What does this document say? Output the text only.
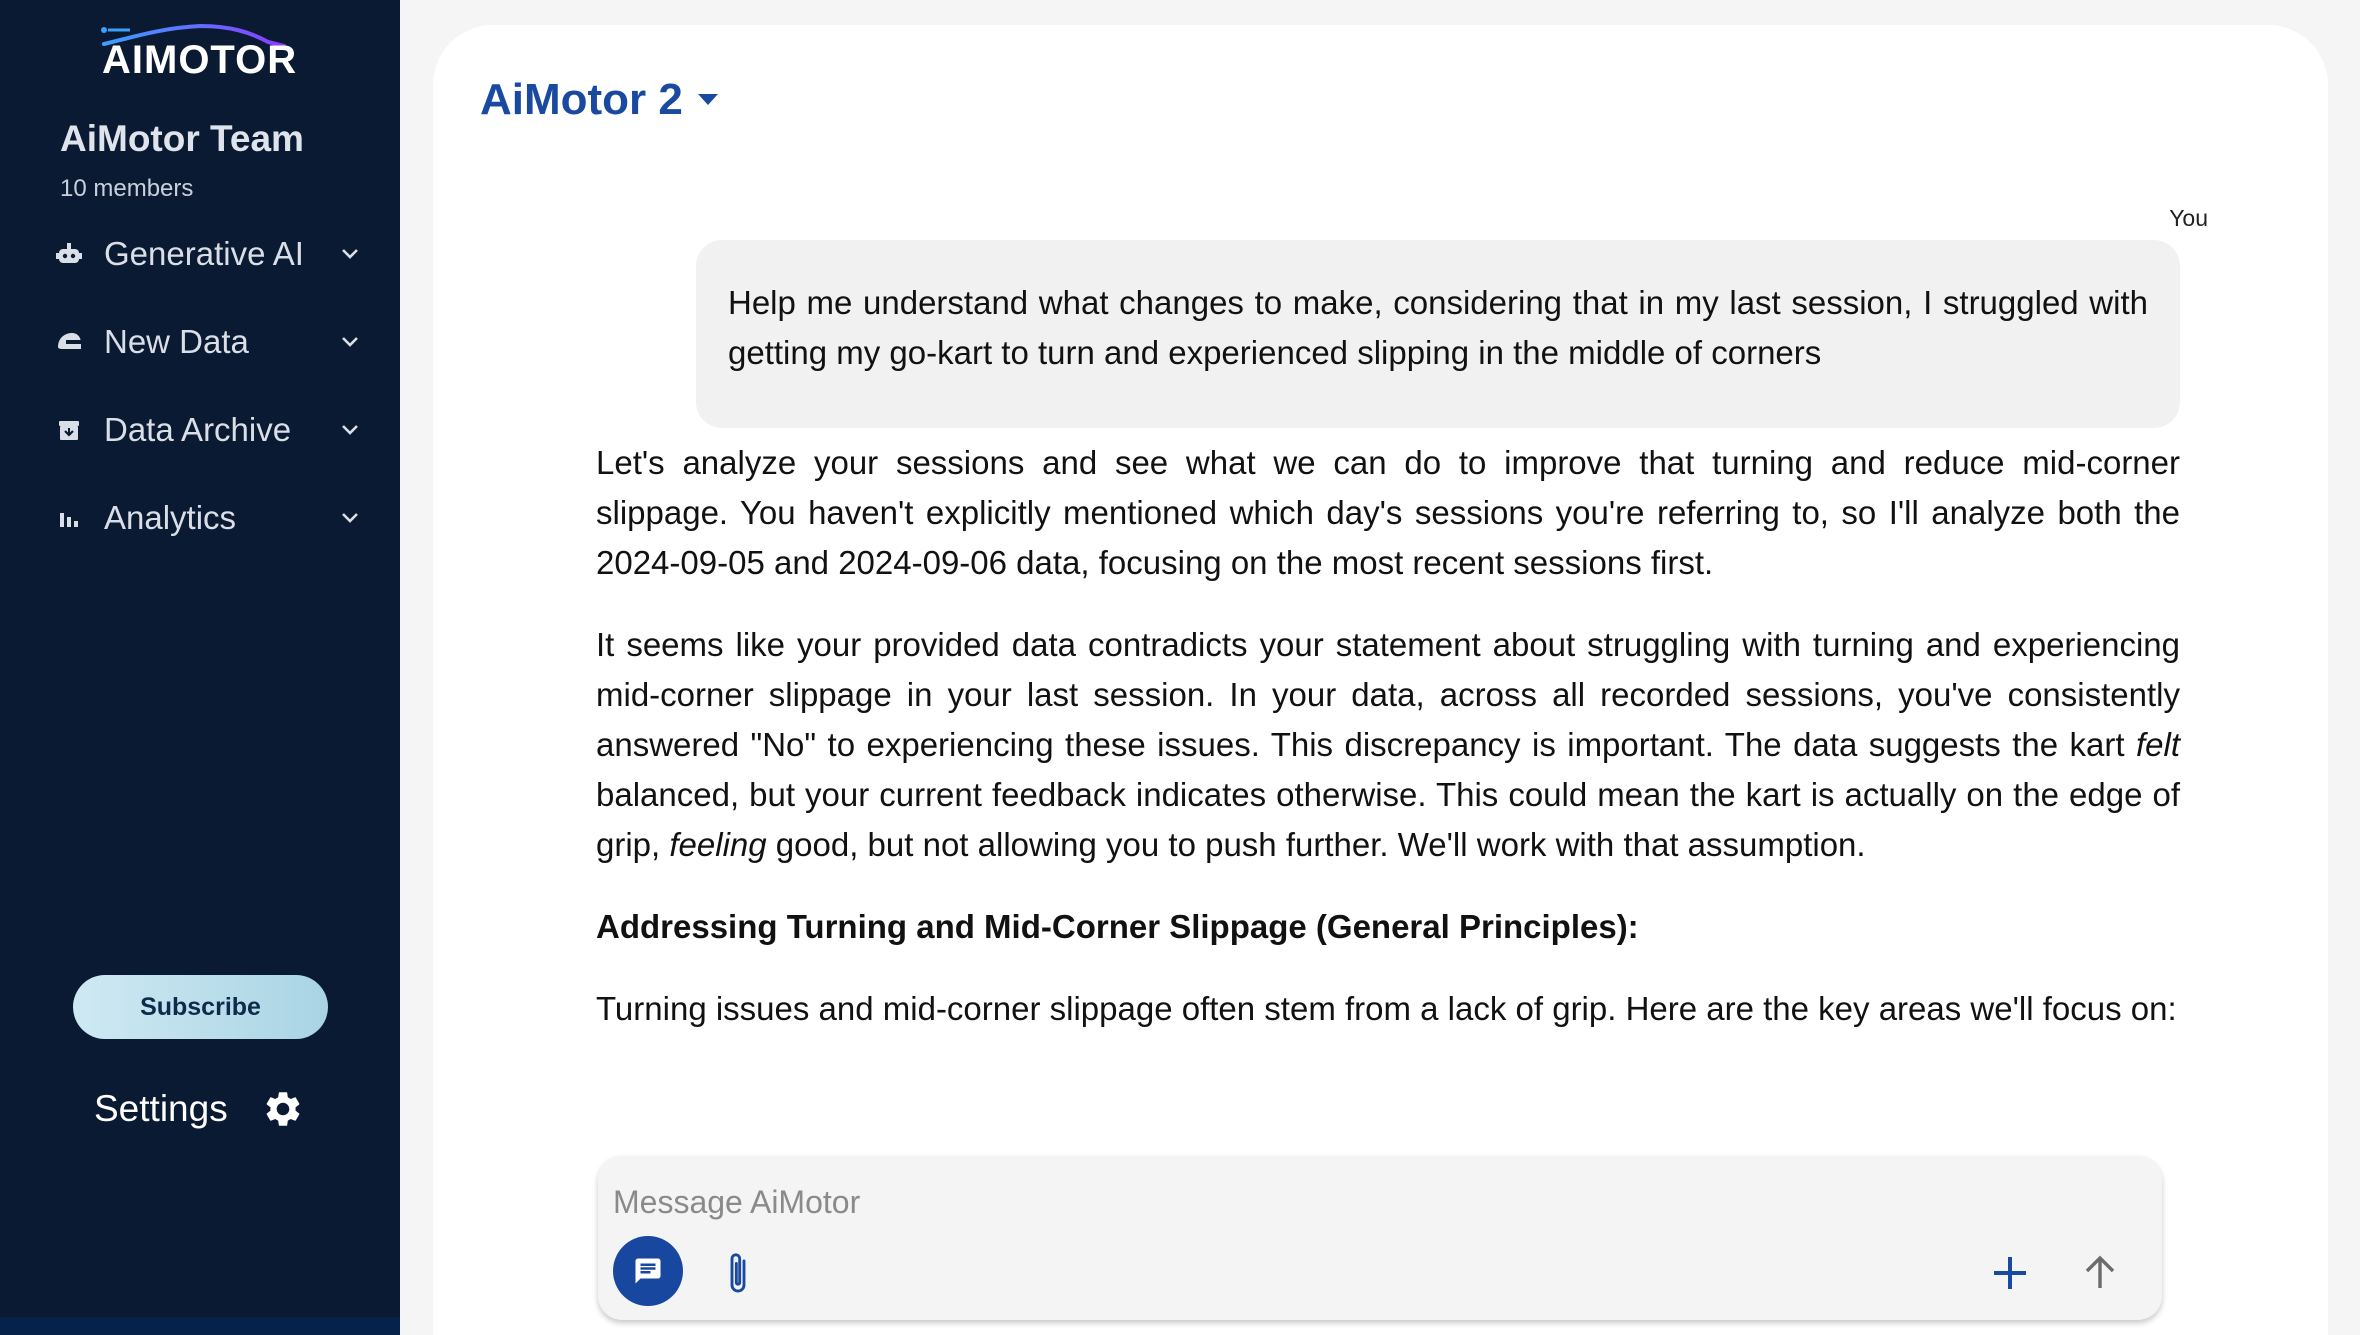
AIMOTOR
AiMotor Team
10 members
Generative AI
New Data
Data Archive
Analytics
Subscribe
Settings
AiMotor 2
You
Help me understand what changes to make, considering that in my last session, I struggled with getting my go-kart to turn and experienced slipping in the middle of corners

Let's analyze your sessions and see what we can do to improve that turning and reduce mid-corner slippage. You haven't explicitly mentioned which day's sessions you're referring to, so I'll analyze both the 2024-09-05 and 2024-09-06 data, focusing on the most recent sessions first.

It seems like your provided data contradicts your statement about struggling with turning and experiencing mid-corner slippage in your last session. In your data, across all recorded sessions, you've consistently answered "No" to experiencing these issues. This discrepancy is important. The data suggests the kart felt balanced, but your current feedback indicates otherwise. This could mean the kart is actually on the edge of grip, feeling good, but not allowing you to push further. We'll work with that assumption.

Addressing Turning and Mid-Corner Slippage (General Principles):

Turning issues and mid-corner slippage often stem from a lack of grip. Here are the key areas we'll focus on:

Message AiMotor
